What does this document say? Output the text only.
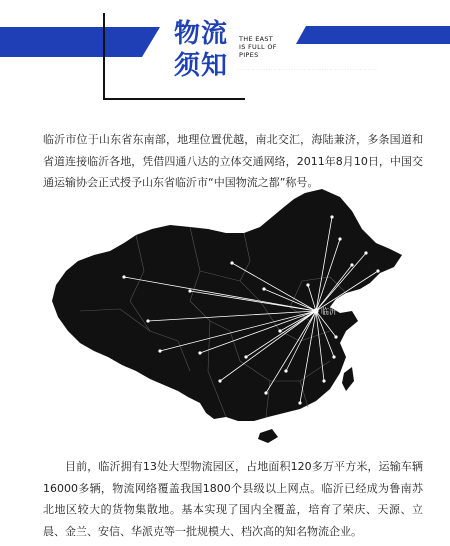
物流
须知
THE EAST
IS FULL OF
PIPES
. . . . . . . . . . . . . . . . . . . . . . . . . . . . . . . . . . . . . . . . . . . . . . . . . . . . . . .

临沂市位于山东省东南部，地理位置优越，南北交汇，海陆兼济，多条国道和省道连接临沂各地，凭借四通八达的立体交通网络，2011年8月10日，中国交通运输协会正式授予山东省临沂市“中国物流之都”称号。

临沂

目前，临沂拥有13处大型物流园区，占地面积120多万平方米，运输车辆16000多辆，物流网络覆盖我国1800个县级以上网点。临沂已经成为鲁南苏北地区较大的货物集散地。基本实现了国内全覆盖，培育了荣庆、天源、立晨、金兰、安信、华派克等一批规模大、档次高的知名物流企业。
